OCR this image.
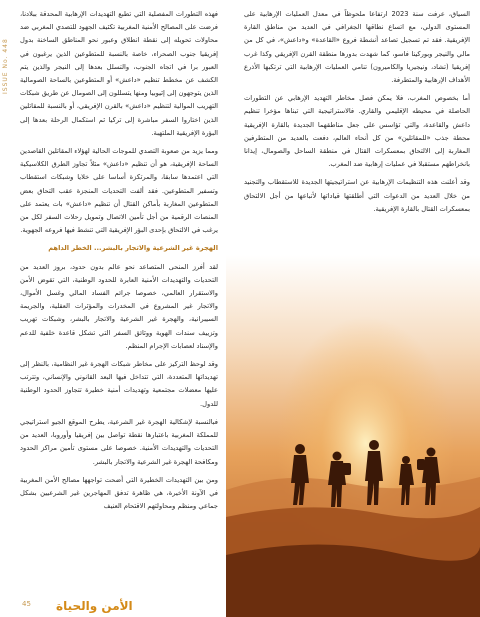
ISSUE No. 448

فهذه التطورات المفصلية التي تطبع التهديدات الإرهابية المحدقة ببلادنا، فرضت على المصالح الأمنية المغربية تكثيف الجهود للتصدي المغربي ضد محاولات تحويله إلى نقطة انطلاق وعبور نحو المناطق الساخنة بدول إفريقيا جنوب الصحراء، خاصة بالنسبة للمتطوعين الذين يرغبون في العبور برا في اتجاه الجنوب، والتسلل بعدها إلى النيجر والذين يتم الكشف عن مخطط تنظيم «داعش» أو المتطوعين بالساحة الصومالية الذين يتوجهون إلى إثيوبيا ومنها يتسللون إلى الصومال عن طريق شبكات التهريب الموالية لتنظيم «داعش» بالقرن الإفريقي، أو بالنسبة للمقاتلين الذين اختاروا السفر مباشرة إلى تركيا ثم استكمال الرحلة بعدها إلى البؤرة الإفريقية الملتهبة.

ومما يزيد من صعوبة التصدي للموجات الحالية لهؤلاء المقاتلين القاصدين الساحة الإفريقية، هو أن تنظيم «داعش» مثلاً تجاوز الطرق الكلاسيكية التي اعتمدها سابقا، والمرتكزة أساسا على خلايا وشبكات استقطاب وتسفير المتطوعين. فقد ألفت التحديات المنجزة عقب التحاق بعض المتطوعين المغاربة بأماكن القتال أن تنظيم «داعش» بات يعتمد على المنصات الرقمية من أجل تأمين الاتصال وتمويل رحلات السفر لكل من يرغب في الالتحاق بإحدى البؤر الإفريقية التي تنشط فيها فروعه الجهوية.

الهجرة غير الشرعية والاتجار بالبشر... الخطر الداهم

لقد أفرز المنحى المتصاعد نحو عالم بدون حدود، بروز العديد من التحديات والتهديدات الأمنية العابرة للحدود الوطنية، التي تقوض الأمن والاستقرار العالمي، خصوصا جرائم الفساد المالي وغسل الأموال، والاتجار غير المشروع في المخدرات والمؤثرات العقلية، والجريمة السيبرانية، والهجرة غير الشرعية والاتجار بالبشر، وشبكات تهريب وتزييف سندات الهوية ووثائق السفر التي تشكل قاعدة خلفية للدعم والإسناد لعصابات الإجرام المنظم.

وقد لوحظ التركيز على مخاطر شبكات الهجرة غير النظامية، بالنظر إلى تهديداتها المتعددة، التي تتداخل فيها البعد القانوني والإنساني، وتترتب عليها معضلات مجتمعية وتهديدات أمنية خطيرة تتجاوز الحدود الوطنية للدول.

فبالنسبة لإشكالية الهجرة غير الشرعية، يطرح الموقع الجيو استراتيجي للمملكة المغربية باعتبارها نقطة تواصل بين إفريقيا وأوروبا، العديد من التحديات والتهديدات الأمنية. خصوصا على مستوى تأمين مراكز الحدود ومكافحة الهجرة غير الشرعية والاتجار بالبشر.

ومن بين التهديدات الخطيرة التي أضحت تواجهها مصالح الأمن المغربية في الآونة الأخيرة، هي ظاهرة تدفق المهاجرين غير الشرعيين بشكل جماعي ومنظم ومحاولتهم الاقتحام العنيف

السياق، عرفت سنة 2023 ارتفاعا ملحوظاً في معدل العمليات الإرهابية على المستوى الدولي، مع اتساع نطاقها الجغرافي في العديد من مناطق القارة الإفريقية. فقد تم تسجيل تصاعد أنشطة فروع «القاعدة» و«داعش»، في كل من مالي والنيجر وبوركينا فاسو، كما شهدت بدورها منطقة القرن الإفريقي وكذا غرب إفريقيا (تشاد، ونيجيريا والكاميرون) تنامي العمليات الإرهابية التي ترتكبها الأذرع الأهداف الإرهابية والمتطرفة.

أما بخصوص المغرب، فلا يمكن فصل مخاطر التهديد الإرهابي عن التطورات الحاصلة في محيطه الإقليمي والقاري. فالاستراتيجية التي تبناها مؤخرا تنظيم داعش والقاعدة، والتي تؤاسس على جعل مناطقهما الجديدة بالقارة الإفريقية محطة جذب «للمقاتلين» من كل أنحاء العالم، دفعت بالعديد من المتطرفين المغاربة إلى الالتحاق بمعسكرات القتال في منطقة الساحل والصومال، إيذانا بانخراطهم مستقبلا في عمليات إرهابية ضد المغرب.

وقد أعلنت هذه التنظيمات الإرهابية عن استراتيجيتها الجديدة للاستقطاب والتجنيد من خلال العديد من الدعوات التي أطلقتها قياداتها لأتباعها من أجل الالتحاق بمعسكرات القتال بالقارة الإفريقية.

45 الأمن والحياة
